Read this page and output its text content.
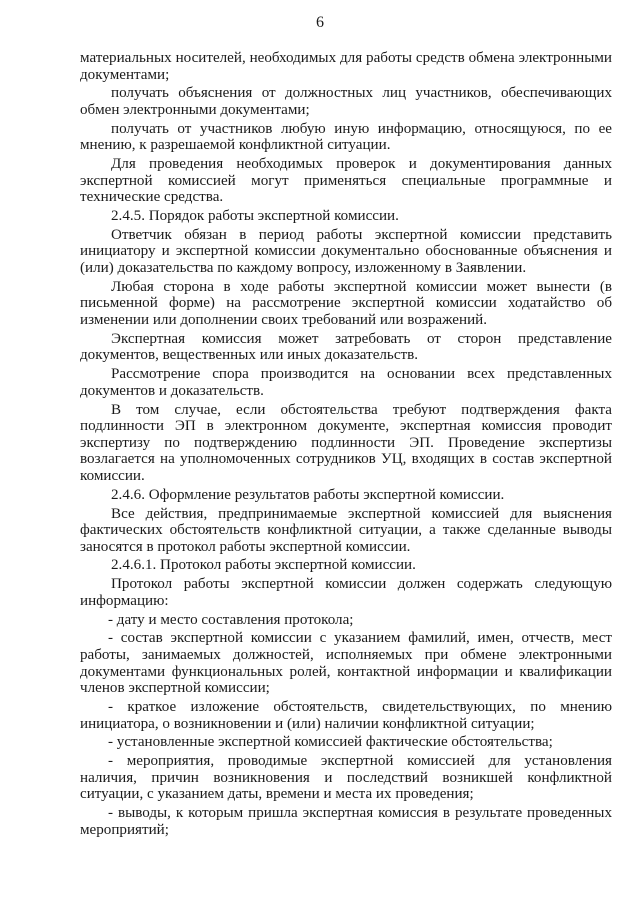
6

материальных носителей, необходимых для работы средств обмена электронными документами;

получать объяснения от должностных лиц участников, обеспечивающих обмен электронными документами;

получать от участников любую иную информацию, относящуюся, по ее мнению, к разрешаемой конфликтной ситуации.

Для проведения необходимых проверок и документирования данных экспертной комиссией могут применяться специальные программные и технические средства.

2.4.5. Порядок работы экспертной комиссии.

Ответчик обязан в период работы экспертной комиссии представить инициатору и экспертной комиссии документально обоснованные объяснения и (или) доказательства по каждому вопросу, изложенному в Заявлении.

Любая сторона в ходе работы экспертной комиссии может вынести (в письменной форме) на рассмотрение экспертной комиссии ходатайство об изменении или дополнении своих требований или возражений.

Экспертная комиссия может затребовать от сторон представление документов, вещественных или иных доказательств.

Рассмотрение спора производится на основании всех представленных документов и доказательств.

В том случае, если обстоятельства требуют подтверждения факта подлинности ЭП в электронном документе, экспертная комиссия проводит экспертизу по подтверждению подлинности ЭП. Проведение экспертизы возлагается на уполномоченных сотрудников УЦ, входящих в состав экспертной комиссии.

2.4.6. Оформление результатов работы экспертной комиссии.

Все действия, предпринимаемые экспертной комиссией для выяснения фактических обстоятельств конфликтной ситуации, а также сделанные выводы заносятся в протокол работы экспертной комиссии.

2.4.6.1. Протокол работы экспертной комиссии.

Протокол работы экспертной комиссии должен содержать следующую информацию:

- дату и место составления протокола;

- состав экспертной комиссии с указанием фамилий, имен, отчеств, мест работы, занимаемых должностей, исполняемых при обмене электронными документами функциональных ролей, контактной информации и квалификации членов экспертной комиссии;

- краткое изложение обстоятельств, свидетельствующих, по мнению инициатора, о возникновении и (или) наличии конфликтной ситуации;

- установленные экспертной комиссией фактические обстоятельства;

- мероприятия, проводимые экспертной комиссией для установления наличия, причин возникновения и последствий возникшей конфликтной ситуации, с указанием даты, времени и места их проведения;

- выводы, к которым пришла экспертная комиссия в результате проведенных мероприятий;
